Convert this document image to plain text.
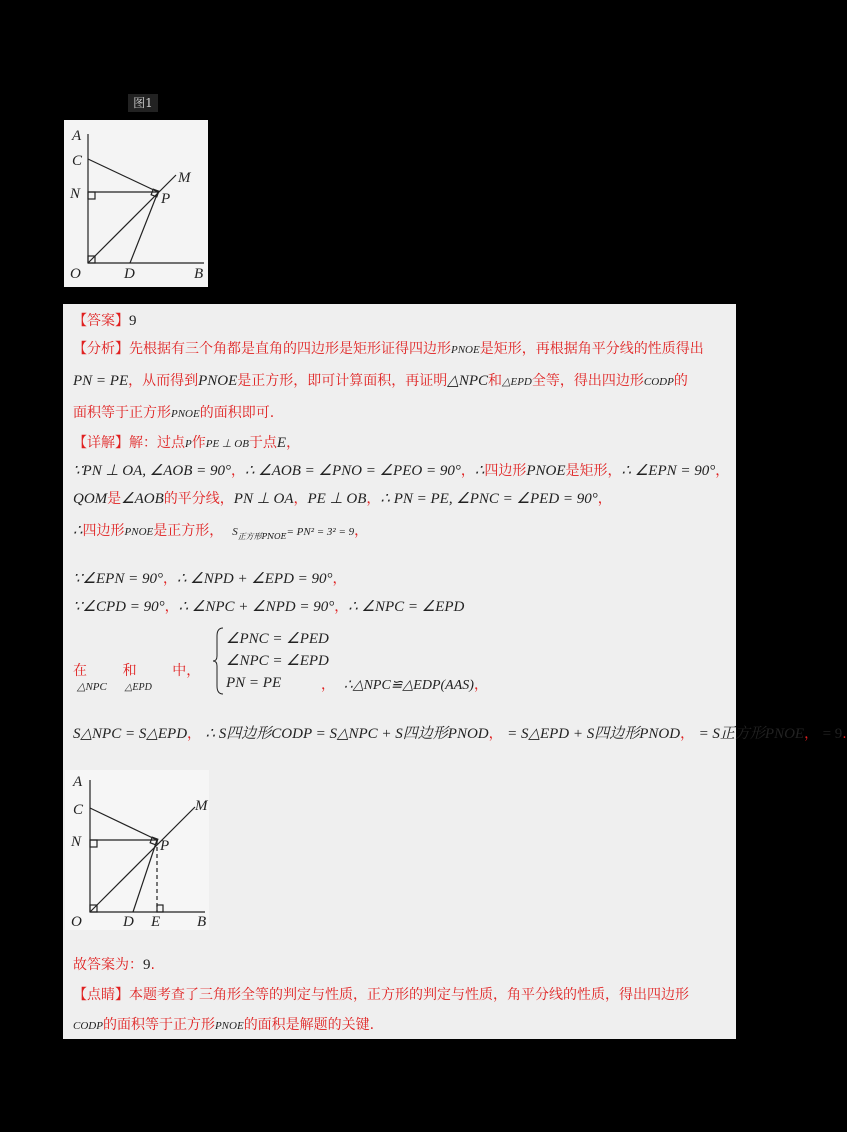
图1
A
C
N
O	D	B
M
P
【答案】9
【分析】先根据有三个角都是直角的四边形是矩形证得四边形PNOE是矩形，再根据角平分线的性质得出
PN = PE，从而得到PNOE是正方形，即可计算面积，再证明△NPC和△EPD全等，得出四边形CODP的
面积等于正方形PNOE的面积即可.
【详解】解：过点P作PE ⊥ OB于点E，
∵PN ⊥ OA, ∠AOB = 90°，∴ ∠AOB = ∠PNO = ∠PEO = 90°，∴四边形PNOE是矩形，∴ ∠EPN = 90°，
QOM是∠AOB的平分线，PN ⊥ OA，PE ⊥ OB，∴ PN = PE, ∠PNC = ∠PED = 90°，
∴四边形PNOE是正方形， $S_{正方形PNOE}= PN^2 = 3^2 = 9$，
∵∠EPN = 90°，∴ ∠NPD + ∠EPD = 90°，
∵∠CPD = 90°，∴ ∠NPC + ∠NPD = 90°，∴ ∠NPC = ∠EPD
在	和	中，
△NPC △EPD
∠PNC = ∠PED
∠NPC = ∠EPD
PN = PE	， ∴△NPC≌△EDP(AAS)，
S△NPC = S△EPD， ∴ S四边形CODP = S△NPC + S四边形PNOD， = S△EPD + S四边形PNOD， = S正方形PNOE， = 9.
A
C
N
O	D E B
M
P
故答案为：9.
【点睛】本题考查了三角形全等的判定与性质，正方形的判定与性质，角平分线的性质，得出四边形
CODP的面积等于正方形PNOE的面积是解题的关键.
